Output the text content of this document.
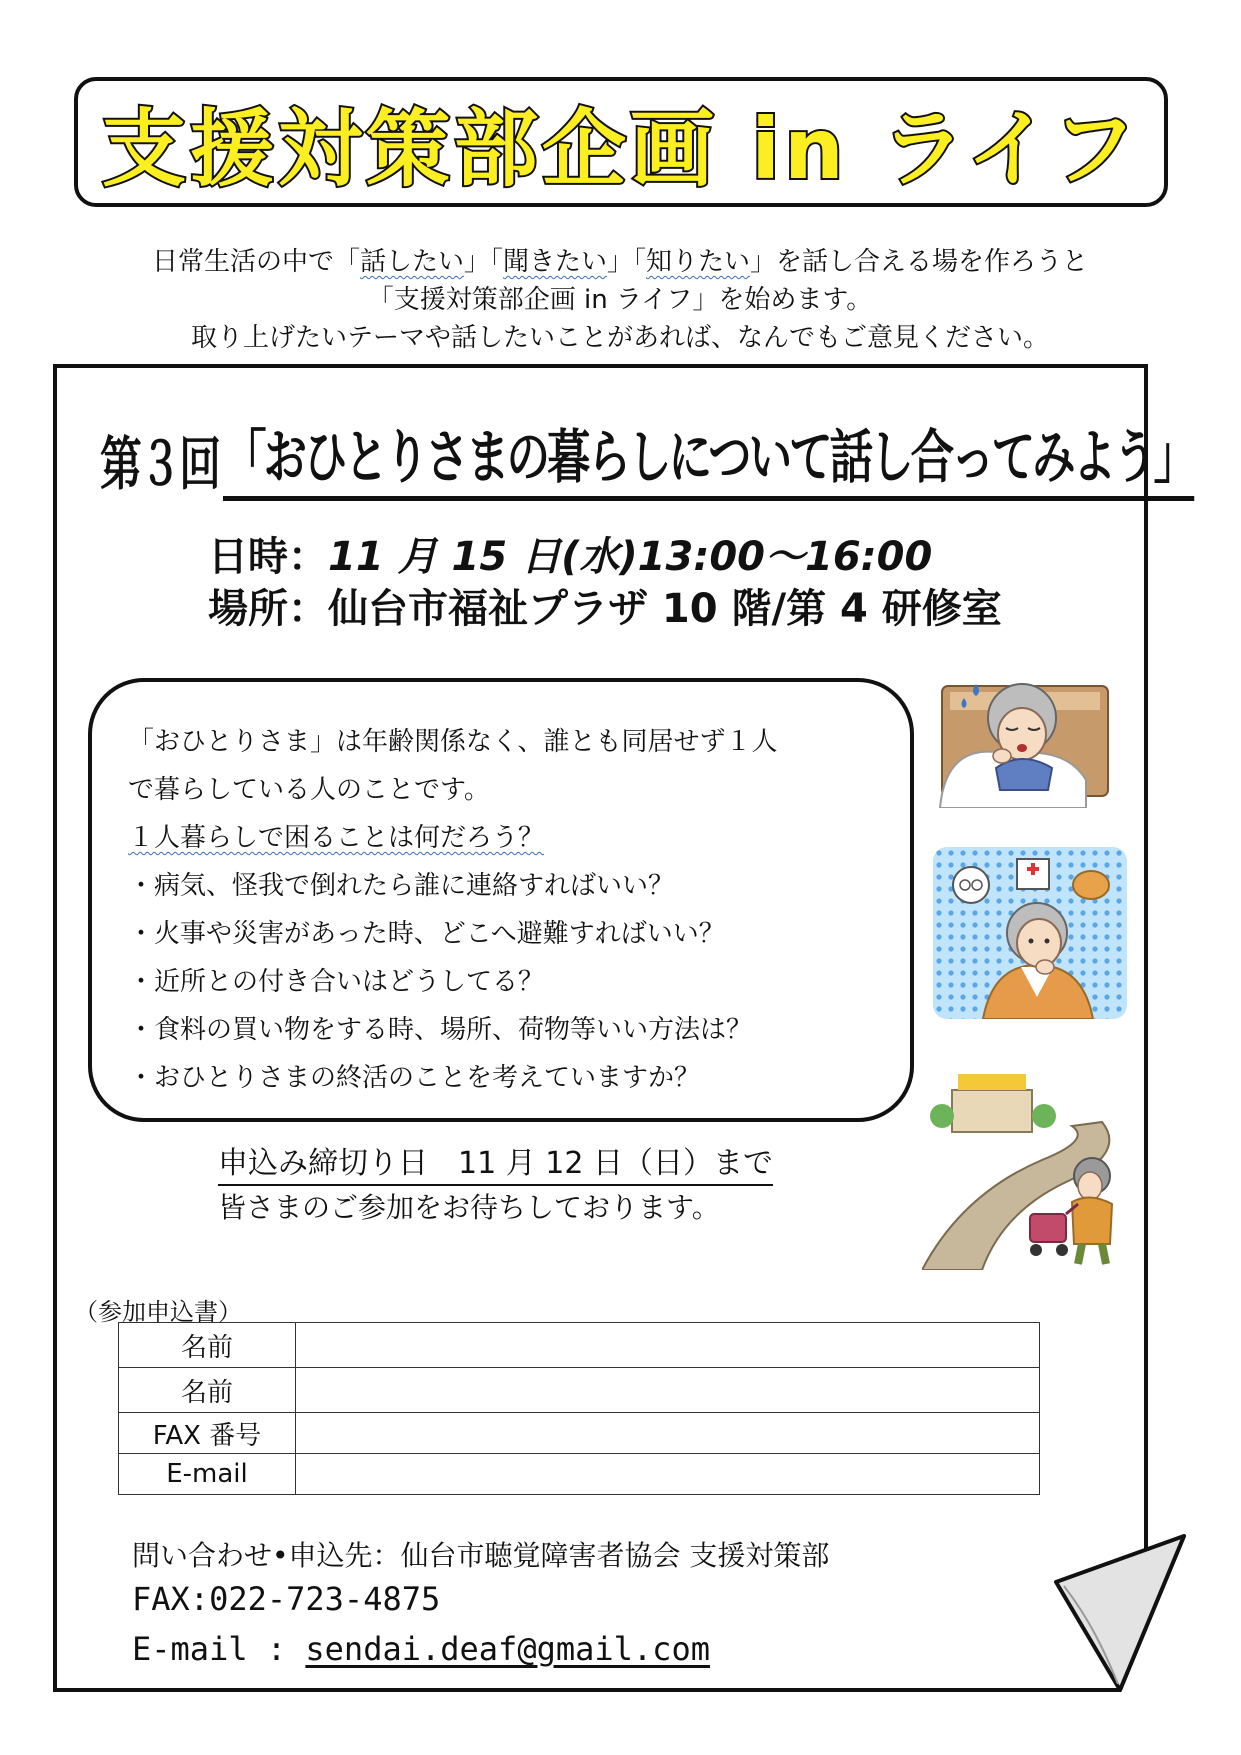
支援対策部企画 in ライフ
日常生活の中で「話したい」「聞きたい」「知りたい」を話し合える場を作ろうと
「支援対策部企画 in ライフ」を始めます。
取り上げたいテーマや話したいことがあれば、なんでもご意見ください。
第３回 「おひとりさまの暮らしについて話し合ってみよう」
日時：11 月 15 日(水)13:00～16:00
場所：仙台市福祉プラザ 10 階/第 4 研修室
「おひとりさま」は年齢関係なく、誰とも同居せず１人
で暮らしている人のことです。
１人暮らしで困ることは何だろう？
・病気、怪我で倒れたら誰に連絡すればいい？
・火事や災害があった時、どこへ避難すればいい？
・近所との付き合いはどうしてる？
・食料の買い物をする時、場所、荷物等いい方法は？
・おひとりさまの終活のことを考えていますか？
申込み締切り日　11 月 12 日（日）まで
皆さまのご参加をお待ちしております。
（参加申込書）
名前	
名前	
FAX 番号	
E-mail	
問い合わせ•申込先：仙台市聴覚障害者協会 支援対策部
FAX:022-723-4875
E-mail : sendai.deaf@gmail.com
